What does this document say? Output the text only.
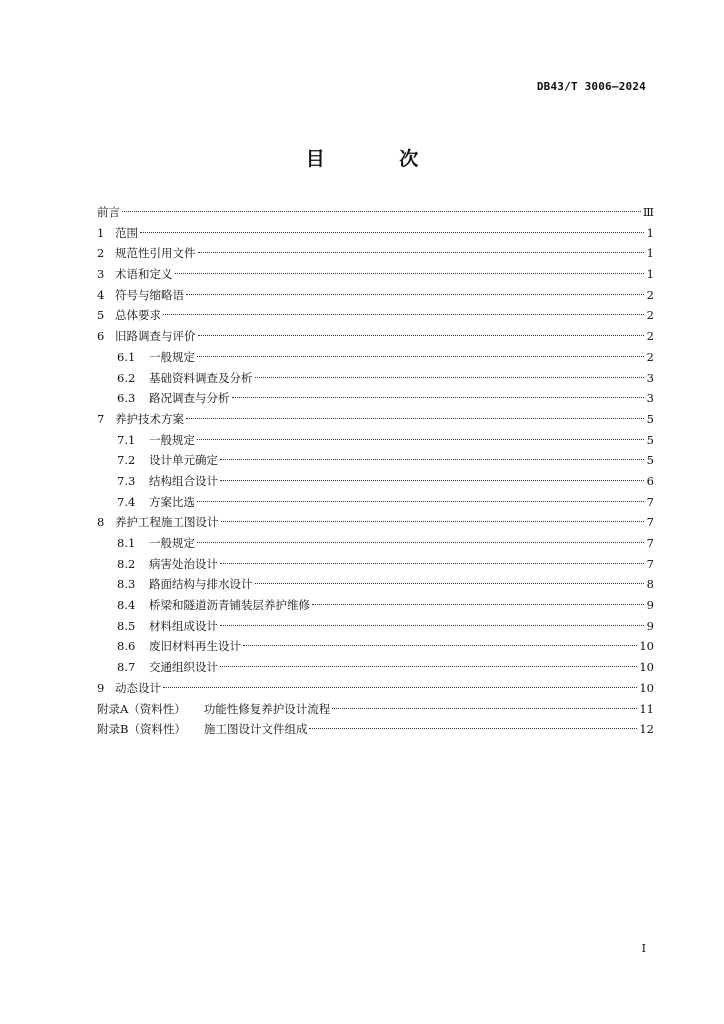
DB43/T 3006—2024
目 次
前言	Ⅲ
1 范围	1
2 规范性引用文件	1
3 术语和定义	1
4 符号与缩略语	2
5 总体要求	2
6 旧路调查与评价	2
6.1	一般规定	2
6.2	基础资料调查及分析	3
6.3	路况调查与分析	3
7 养护技术方案	5
7.1	一般规定	5
7.2	设计单元确定	5
7.3	结构组合设计	6
7.4	方案比选	7
8 养护工程施工图设计	7
8.1	一般规定	7
8.2	病害处治设计	7
8.3	路面结构与排水设计	8
8.4	桥梁和隧道沥青铺装层养护维修	9
8.5	材料组成设计	9
8.6	废旧材料再生设计	10
8.7	交通组织设计	10
9 动态设计	10
附录A（资料性） 功能性修复养护设计流程	11
附录B（资料性） 施工图设计文件组成	12
I
